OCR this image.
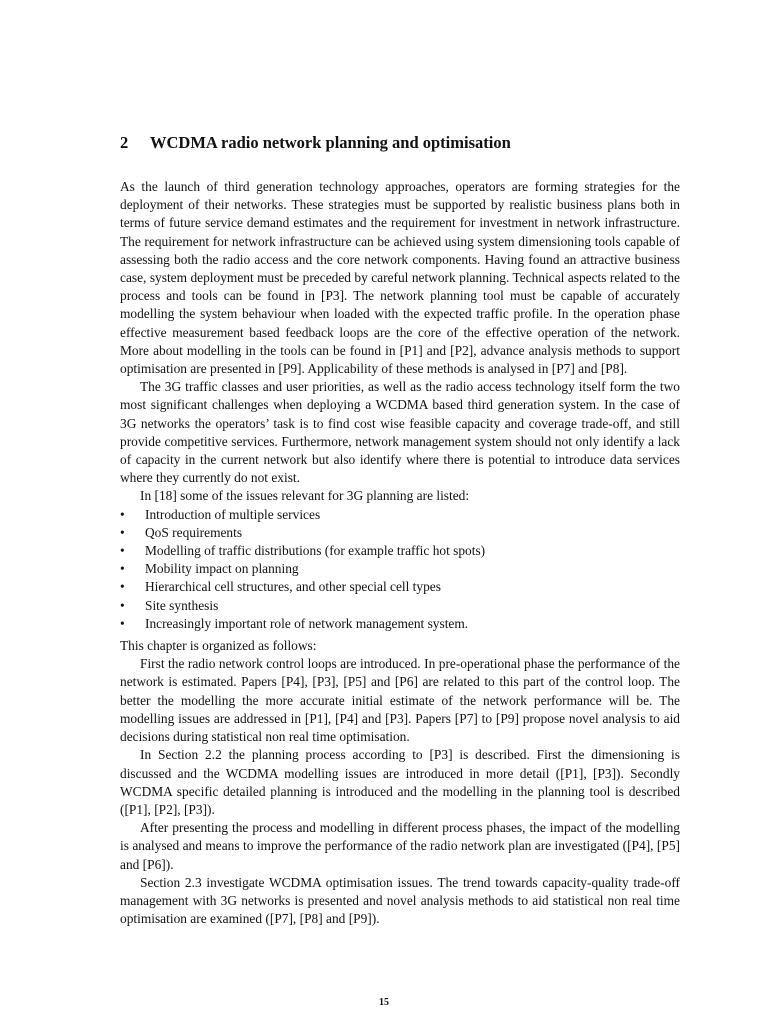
2 WCDMA radio network planning and optimisation

As the launch of third generation technology approaches, operators are forming strategies for the deployment of their networks. These strategies must be supported by realistic business plans both in terms of future service demand estimates and the requirement for investment in network infrastructure. The requirement for network infrastructure can be achieved using system dimensioning tools capable of assessing both the radio access and the core network components. Having found an attractive business case, system deployment must be preceded by careful network planning. Technical aspects related to the process and tools can be found in [P3]. The network planning tool must be capable of accurately modelling the system behaviour when loaded with the expected traffic profile. In the operation phase effective measurement based feedback loops are the core of the effective operation of the network. More about modelling in the tools can be found in [P1] and [P2], advance analysis methods to support optimisation are presented in [P9]. Applicability of these methods is analysed in [P7] and [P8].

The 3G traffic classes and user priorities, as well as the radio access technology itself form the two most significant challenges when deploying a WCDMA based third generation system. In the case of 3G networks the operators’ task is to find cost wise feasible capacity and coverage trade-off, and still provide competitive services. Furthermore, network management system should not only identify a lack of capacity in the current network but also identify where there is potential to introduce data services where they currently do not exist.

In [18] some of the issues relevant for 3G planning are listed:

• Introduction of multiple services
• QoS requirements
• Modelling of traffic distributions (for example traffic hot spots)
• Mobility impact on planning
• Hierarchical cell structures, and other special cell types
• Site synthesis
• Increasingly important role of network management system.

This chapter is organized as follows:

First the radio network control loops are introduced. In pre-operational phase the performance of the network is estimated. Papers [P4], [P3], [P5] and [P6] are related to this part of the control loop. The better the modelling the more accurate initial estimate of the network performance will be. The modelling issues are addressed in [P1], [P4] and [P3]. Papers [P7] to [P9] propose novel analysis to aid decisions during statistical non real time optimisation.

In Section 2.2 the planning process according to [P3] is described. First the dimensioning is discussed and the WCDMA modelling issues are introduced in more detail ([P1], [P3]). Secondly WCDMA specific detailed planning is introduced and the modelling in the planning tool is described ([P1], [P2], [P3]).

After presenting the process and modelling in different process phases, the impact of the modelling is analysed and means to improve the performance of the radio network plan are investigated ([P4], [P5] and [P6]).

Section 2.3 investigate WCDMA optimisation issues. The trend towards capacity-quality trade-off management with 3G networks is presented and novel analysis methods to aid statistical non real time optimisation are examined ([P7], [P8] and [P9]).

15
